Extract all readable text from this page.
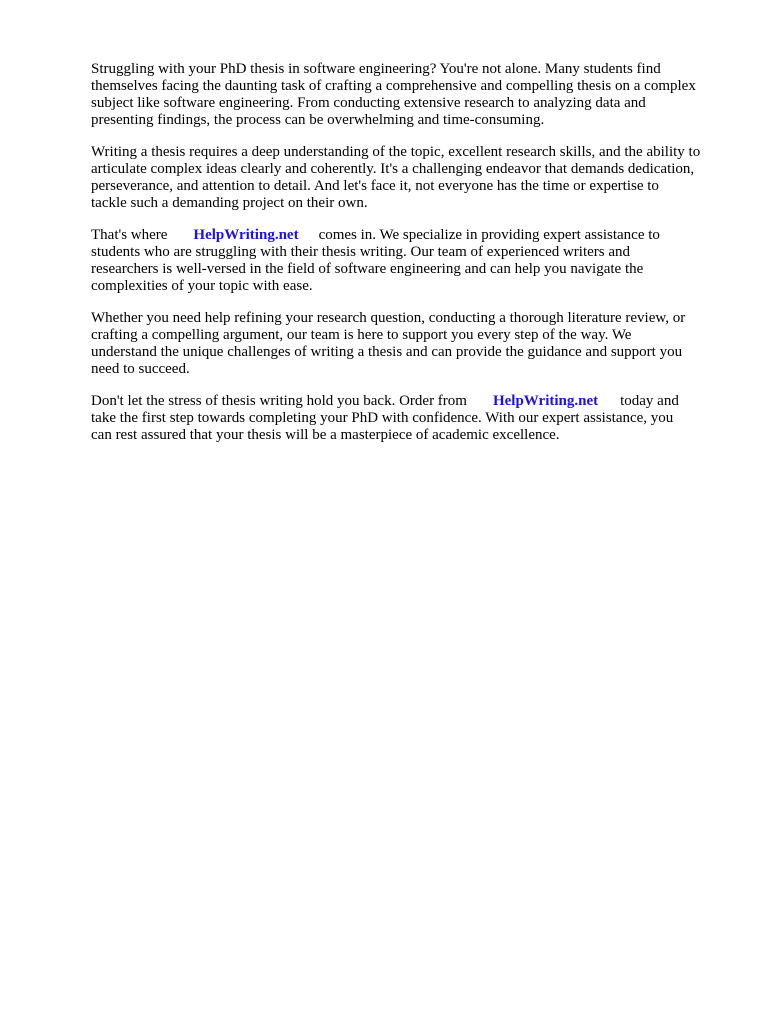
Struggling with your PhD thesis in software engineering? You're not alone. Many students find
themselves facing the daunting task of crafting a comprehensive and compelling thesis on a complex
subject like software engineering. From conducting extensive research to analyzing data and
presenting findings, the process can be overwhelming and time-consuming.

Writing a thesis requires a deep understanding of the topic, excellent research skills, and the ability to
articulate complex ideas clearly and coherently. It's a challenging endeavor that demands dedication,
perseverance, and attention to detail. And let's face it, not everyone has the time or expertise to
tackle such a demanding project on their own.

That's where HelpWriting.net comes in. We specialize in providing expert assistance to
students who are struggling with their thesis writing. Our team of experienced writers and
researchers is well-versed in the field of software engineering and can help you navigate the
complexities of your topic with ease.

Whether you need help refining your research question, conducting a thorough literature review, or
crafting a compelling argument, our team is here to support you every step of the way. We
understand the unique challenges of writing a thesis and can provide the guidance and support you
need to succeed.

Don't let the stress of thesis writing hold you back. Order from HelpWriting.net today and
take the first step towards completing your PhD with confidence. With our expert assistance, you
can rest assured that your thesis will be a masterpiece of academic excellence.
